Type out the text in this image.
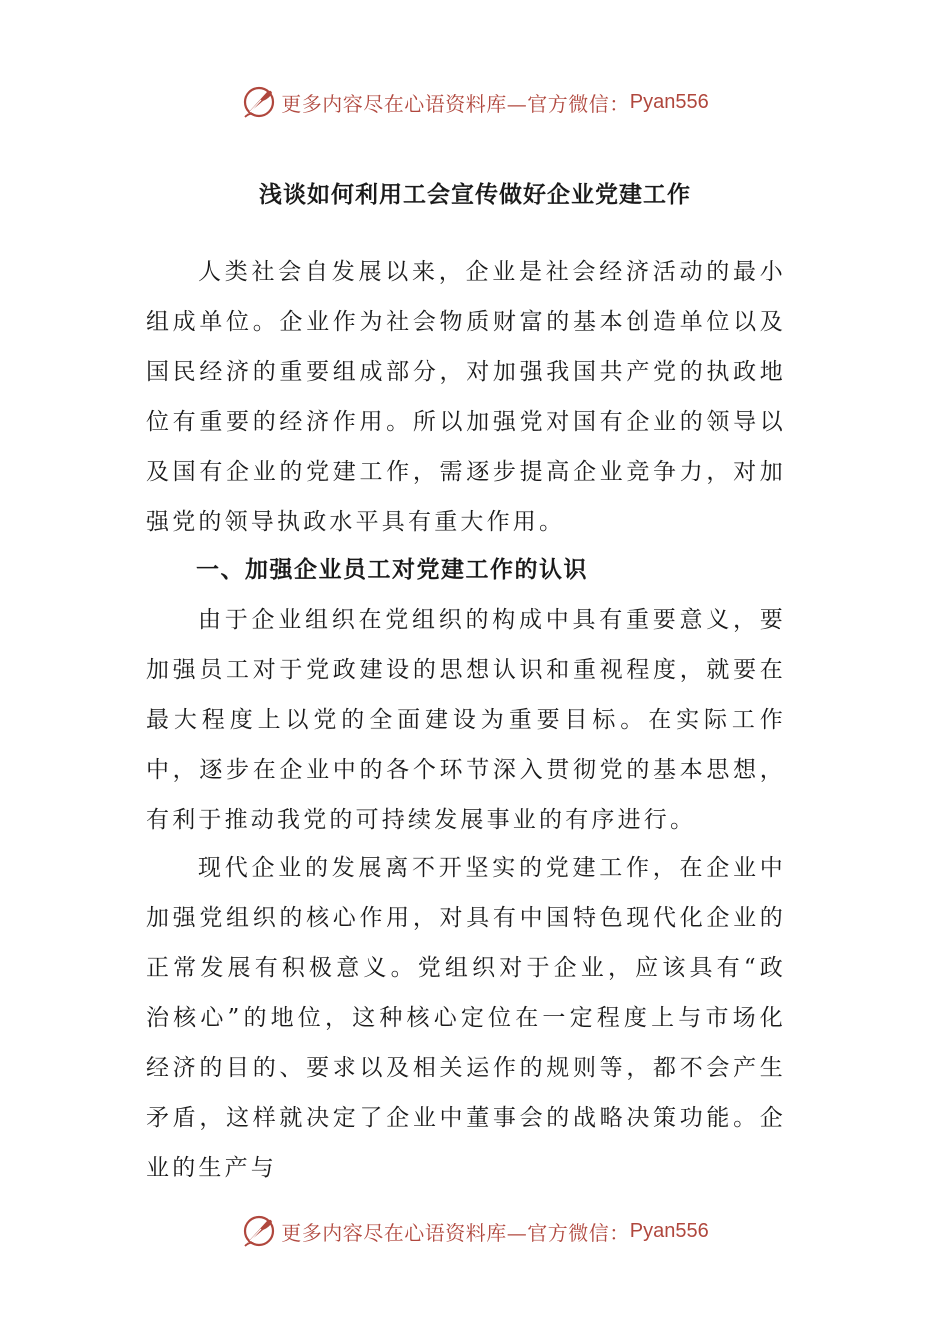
更多内容尽在心语资料库—官方微信： Pyan556
浅谈如何利用工会宣传做好企业党建工作

人类社会自发展以来，企业是社会经济活动的最小组成单位。企业作为社会物质财富的基本创造单位以及国民经济的重要组成部分，对加强我国共产党的执政地位有重要的经济作用。所以加强党对国有企业的领导以及国有企业的党建工作，需逐步提高企业竞争力，对加强党的领导执政水平具有重大作用。

一、加强企业员工对党建工作的认识

由于企业组织在党组织的构成中具有重要意义，要加强员工对于党政建设的思想认识和重视程度，就要在最大程度上以党的全面建设为重要目标。在实际工作中，逐步在企业中的各个环节深入贯彻党的基本思想，有利于推动我党的可持续发展事业的有序进行。

现代企业的发展离不开坚实的党建工作，在企业中加强党组织的核心作用，对具有中国特色现代化企业的正常发展有积极意义。党组织对于企业，应该具有“政治核心”的地位，这种核心定位在一定程度上与市场化经济的目的、要求以及相关运作的规则等，都不会产生矛盾，这样就决定了企业中董事会的战略决策功能。企业的生产与

更多内容尽在心语资料库—官方微信： Pyan556
